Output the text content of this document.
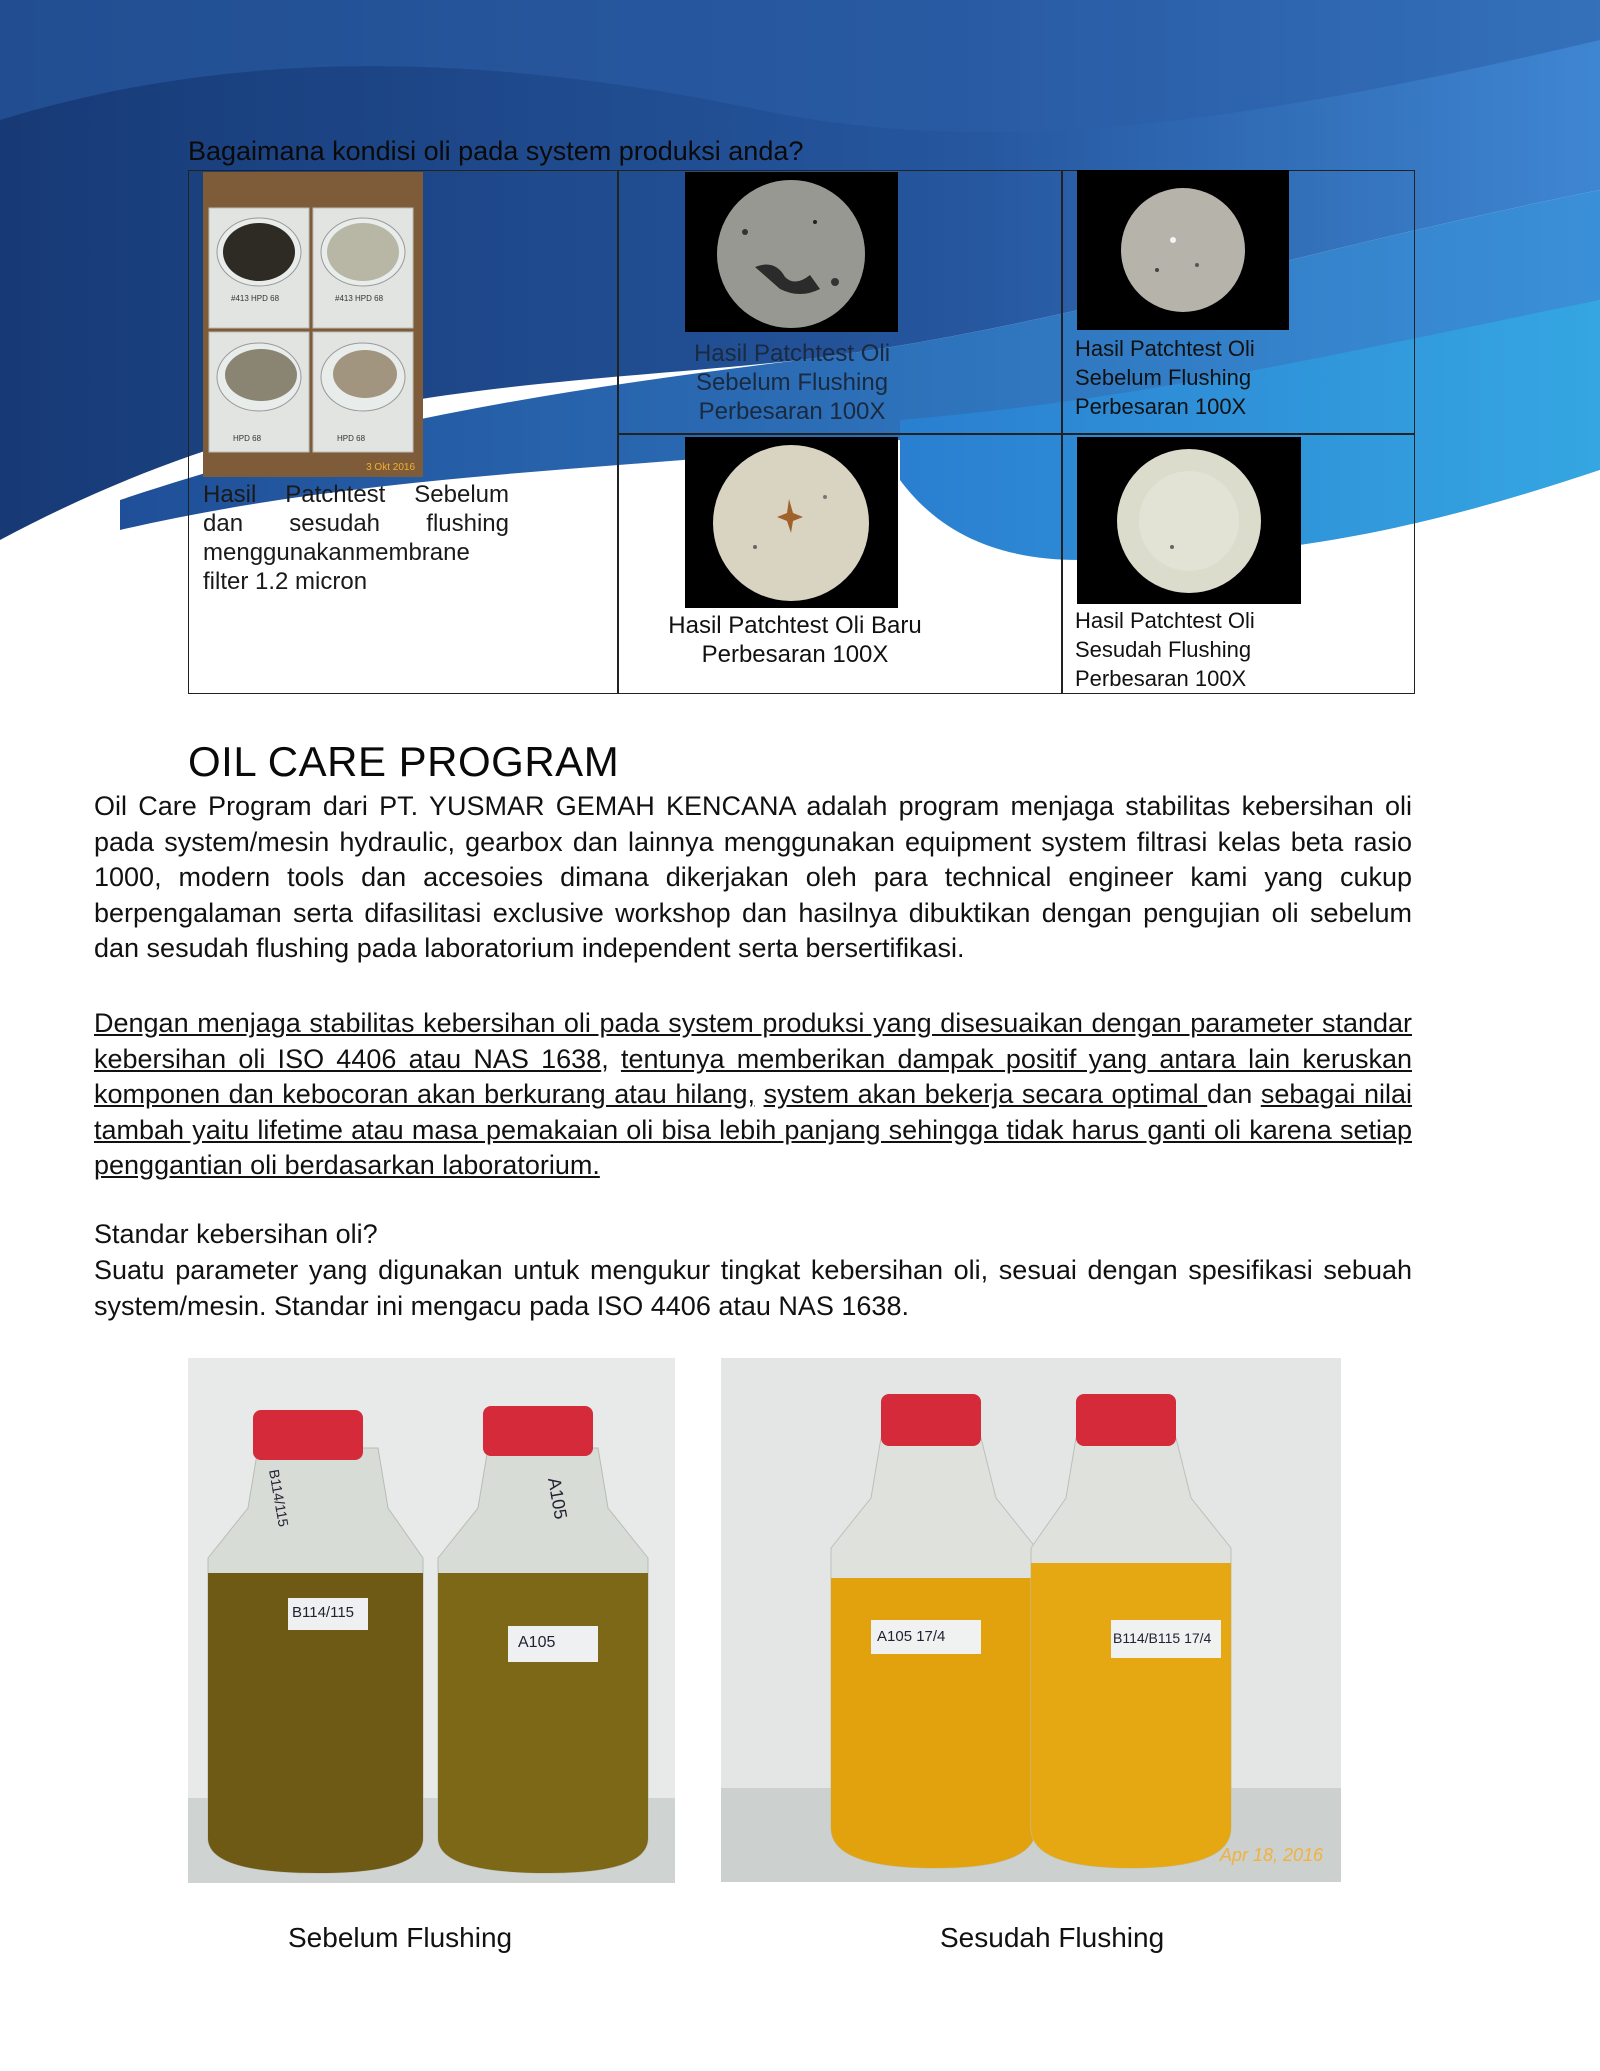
Bagaimana kondisi oli pada system produksi anda?
#413 HPD 68	#413 HPD 68
HPD 68	HPD 68
3 Okt 2016
Hasil Patchtest Sebelum dan sesudah flushing menggunakanmembrane filter 1.2 micron
Hasil Patchtest Oli Sebelum Flushing Perbesaran 100X
Hasil Patchtest Oli Sebelum Flushing Perbesaran 100X
Hasil Patchtest Oli Baru Perbesaran 100X
Hasil Patchtest Oli Sesudah Flushing Perbesaran 100X
OIL CARE PROGRAM

Oil Care Program dari PT. YUSMAR GEMAH KENCANA adalah program menjaga stabilitas kebersihan oli pada system/mesin hydraulic, gearbox dan lainnya menggunakan equipment system filtrasi kelas beta rasio 1000, modern tools dan accesoies dimana dikerjakan oleh para technical engineer kami yang cukup berpengalaman serta difasilitasi exclusive workshop dan hasilnya dibuktikan dengan pengujian oli sebelum dan sesudah flushing pada laboratorium independent serta bersertifikasi.

Dengan menjaga stabilitas kebersihan oli pada system produksi yang disesuaikan dengan parameter standar kebersihan oli ISO 4406 atau NAS 1638, tentunya memberikan dampak positif yang antara lain keruskan komponen dan kebocoran akan berkurang atau hilang, system akan bekerja secara optimal dan sebagai nilai tambah yaitu lifetime atau masa pemakaian oli bisa lebih panjang sehingga tidak harus ganti oli karena setiap penggantian oli berdasarkan laboratorium.

Standar kebersihan oli?
Suatu parameter yang digunakan untuk mengukur tingkat kebersihan oli, sesuai dengan spesifikasi sebuah system/mesin. Standar ini mengacu pada ISO 4406 atau NAS 1638.
B114/115
A105
B114/115	A105
A105 17/4	B114/B115 17/4
Apr 18, 2016
Sebelum Flushing	Sesudah Flushing
